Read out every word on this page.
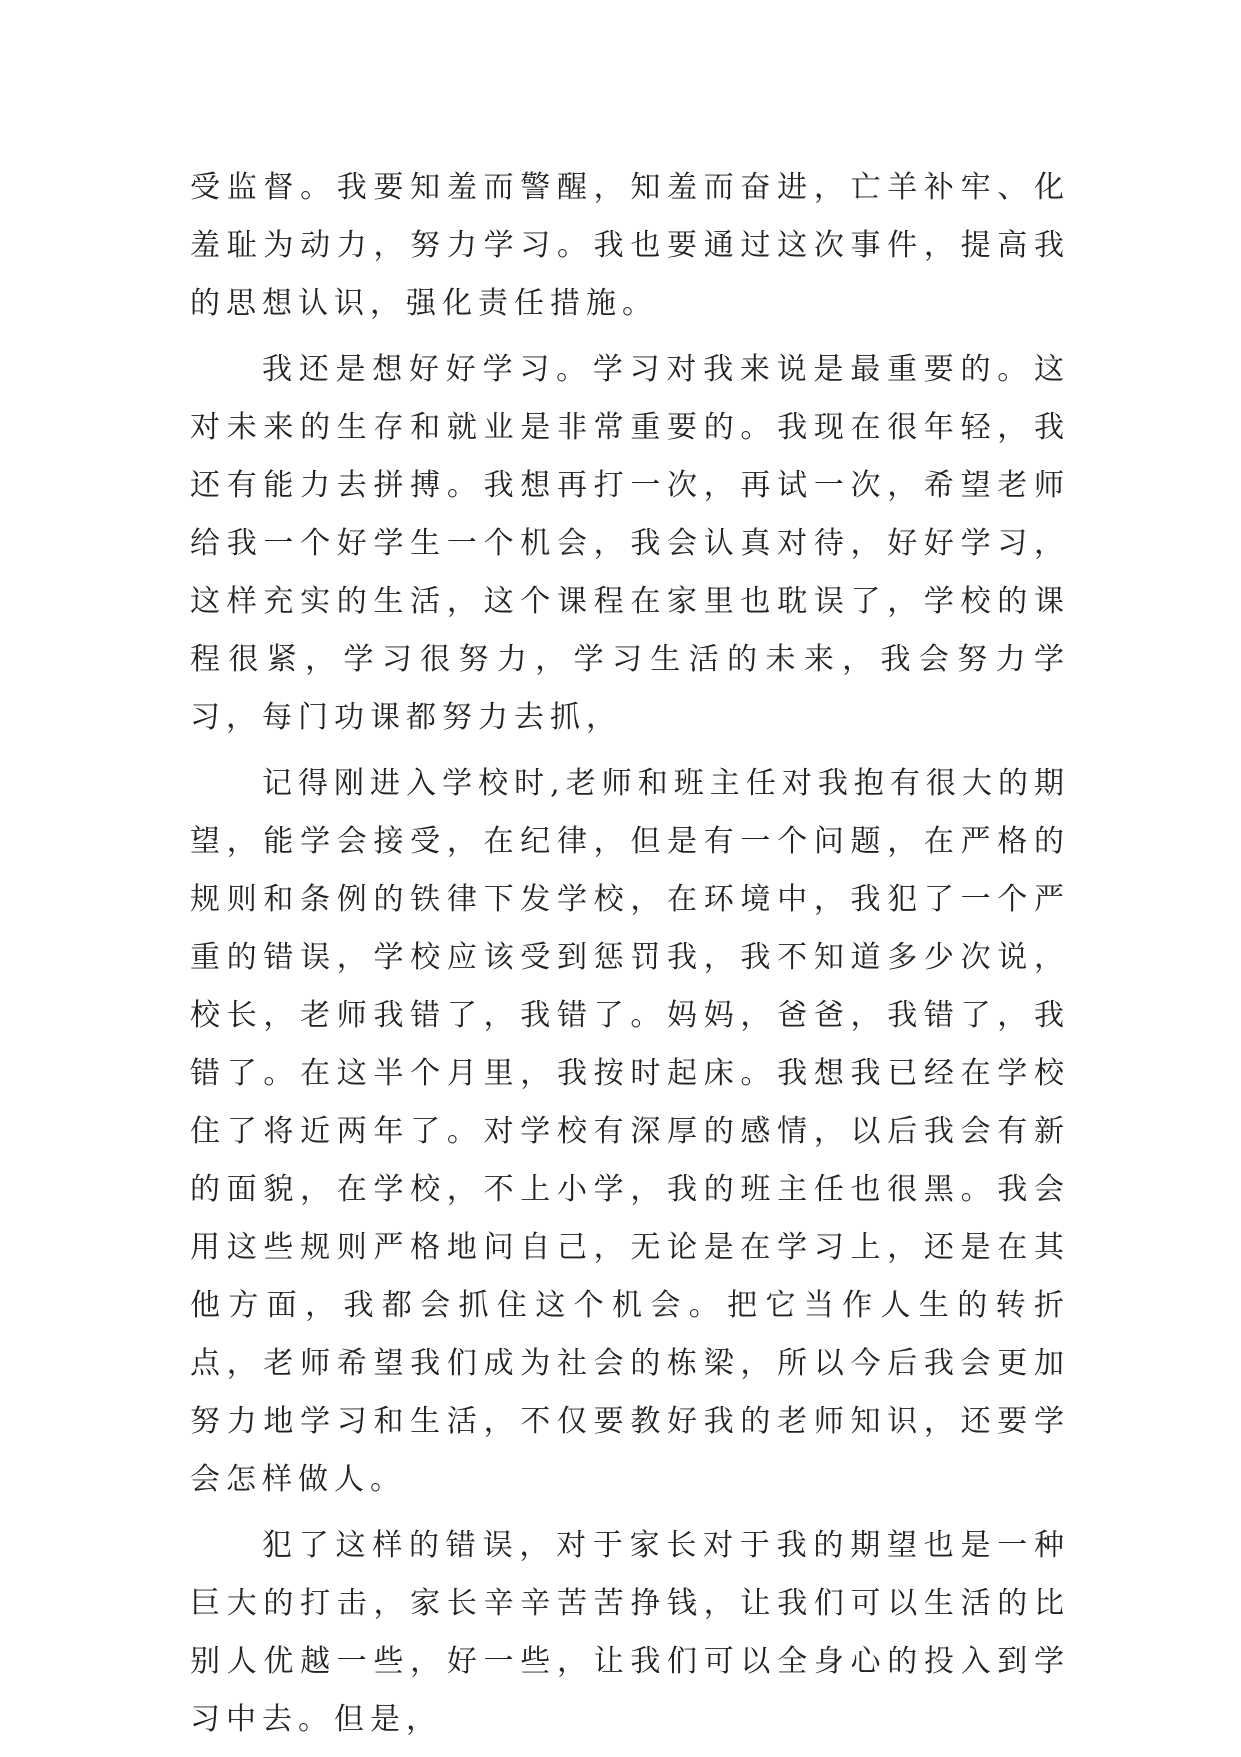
受监督。我要知羞而警醒，知羞而奋进，亡羊补牢、化羞耻为动力，努力学习。我也要通过这次事件，提高我的思想认识，强化责任措施。

我还是想好好学习。学习对我来说是最重要的。这对未来的生存和就业是非常重要的。我现在很年轻，我还有能力去拼搏。我想再打一次，再试一次，希望老师给我一个好学生一个机会，我会认真对待，好好学习，这样充实的生活，这个课程在家里也耽误了，学校的课程很紧，学习很努力，学习生活的未来，我会努力学习，每门功课都努力去抓，

记得刚进入学校时,老师和班主任对我抱有很大的期望，能学会接受，在纪律，但是有一个问题，在严格的规则和条例的铁律下发学校，在环境中，我犯了一个严重的错误，学校应该受到惩罚我，我不知道多少次说，校长，老师我错了，我错了。妈妈，爸爸，我错了，我错了。在这半个月里，我按时起床。我想我已经在学校住了将近两年了。对学校有深厚的感情，以后我会有新的面貌，在学校，不上小学，我的班主任也很黑。我会用这些规则严格地问自己，无论是在学习上，还是在其他方面，我都会抓住这个机会。把它当作人生的转折点，老师希望我们成为社会的栋梁，所以今后我会更加努力地学习和生活，不仅要教好我的老师知识，还要学会怎样做人。

犯了这样的错误，对于家长对于我的期望也是一种巨大的打击，家长辛辛苦苦挣钱，让我们可以生活的比别人优越一些，好一些，让我们可以全身心的投入到学习中去。但是，
